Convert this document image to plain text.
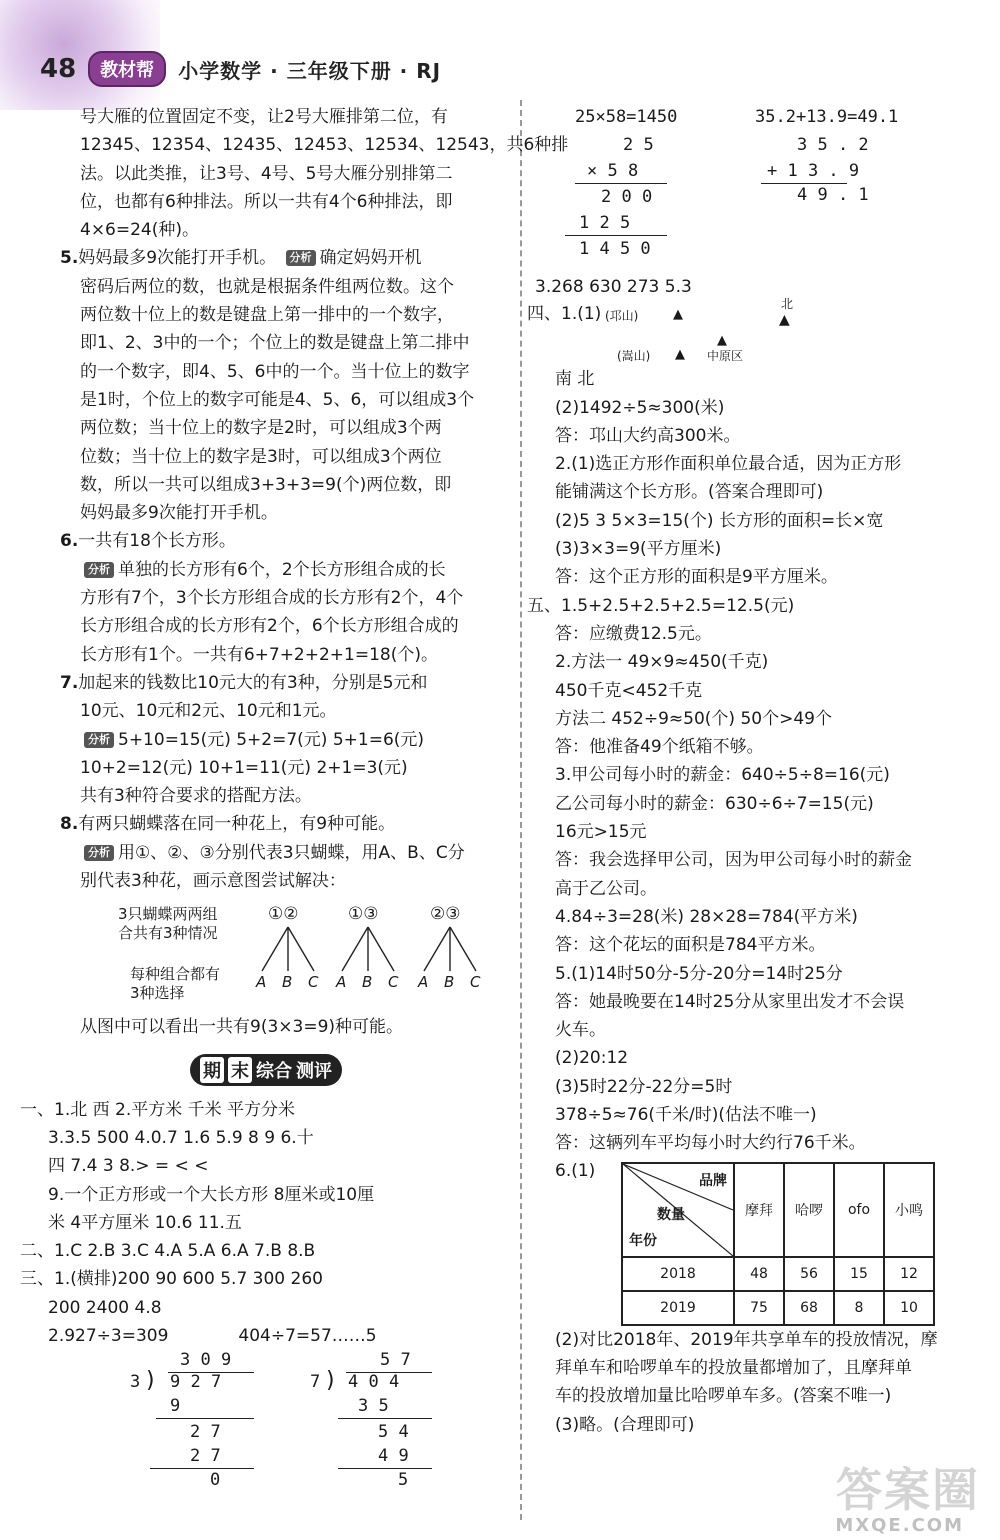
48	教材帮	小学数学 · 三年级下册 · RJ
号大雁的位置固定不变，让2号大雁排第二位，有
12345、12354、12435、12453、12534、12543，共6种排
法。以此类推，让3号、4号、5号大雁分别排第二
位，也都有6种排法。所以一共有4个6种排法，即
4×6=24(种)。
5.妈妈最多9次能打开手机。 分析 确定妈妈开机
密码后两位的数，也就是根据条件组两位数。这个
两位数十位上的数是键盘上第一排中的一个数字，
即1、2、3中的一个；个位上的数是键盘上第二排中
的一个数字，即4、5、6中的一个。当十位上的数字
是1时，个位上的数字可能是4、5、6，可以组成3个
两位数；当十位上的数字是2时，可以组成3个两
位数；当十位上的数字是3时，可以组成3个两位
数，所以一共可以组成3+3+3=9(个)两位数，即
妈妈最多9次能打开手机。
6.一共有18个长方形。
分析 单独的长方形有6个，2个长方形组合成的长
方形有7个，3个长方形组合成的长方形有2个，4个
长方形组合成的长方形有2个，6个长方形组合成的
长方形有1个。一共有6+7+2+2+1=18(个)。
7.加起来的钱数比10元大的有3种，分别是5元和
10元、10元和2元、10元和1元。
分析 5+10=15(元) 5+2=7(元) 5+1=6(元)
10+2=12(元) 10+1=11(元) 2+1=3(元)
共有3种符合要求的搭配方法。
8.有两只蝴蝶落在同一种花上，有9种可能。
分析 用①、②、③分别代表3只蝴蝶，用A、B、C分
别代表3种花，画示意图尝试解决：
3只蝴蝶两两组
合共有3种情况
每种组合都有
3种选择
①②	①③	②③
A B C A B C A B C
从图中可以看出一共有9(3×3=9)种可能。
期 末 综合 测评
一、1.北 西 2.平方米 千米 平方分米
3.3.5 500 4.0.7 1.6 5.9 8 9 6.十
四 7.4 3 8.> = < <
9.一个正方形或一个大长方形 8厘米或10厘
米 4平方厘米 10.6 11.五
二、1.C 2.B 3.C 4.A 5.A 6.A 7.B 8.B
三、1.(横排)200 90 600 5.7 300 260
200 2400 4.8
2.927÷3=309	404÷7=57……5
3 0 9
3 ) 9 2 7
9
2 7
2 7
0
5 7
7 ) 4 0 4
3 5
5 4
4 9
5
25×58=1450	35.2+13.9=49.1
2 5
× 5 8
2 0 0
1 2 5
1 4 5 0
3 5 . 2
+ 1 3 . 9
4 9 . 1
3.268 630 273 5.3
四、1.(1) (邛山)	▲
北
▲
(嵩山) ▲ 中原区
▲
南 北
(2)1492÷5≈300(米)
答：邛山大约高300米。
2.(1)选正方形作面积单位最合适，因为正方形
能铺满这个长方形。(答案合理即可)
(2)5 3 5×3=15(个) 长方形的面积=长×宽
(3)3×3=9(平方厘米)
答：这个正方形的面积是9平方厘米。
五、1.5+2.5+2.5+2.5=12.5(元)
答：应缴费12.5元。
2.方法一 49×9≈450(千克)
450千克<452千克
方法二 452÷9≈50(个) 50个>49个
答：他准备49个纸箱不够。
3.甲公司每小时的薪金：640÷5÷8=16(元)
乙公司每小时的薪金：630÷6÷7=15(元)
16元>15元
答：我会选择甲公司，因为甲公司每小时的薪金
高于乙公司。
4.84÷3=28(米) 28×28=784(平方米)
答：这个花坛的面积是784平方米。
5.(1)14时50分-5分-20分=14时25分
答：她最晚要在14时25分从家里出发才不会误
火车。
(2)20:12
(3)5时22分-22分=5时
378÷5≈76(千米/时)(估法不唯一)
答：这辆列车平均每小时大约行76千米。
6.(1)	品牌
数量
年份	摩拜	哈啰	ofo	小鸣
2018	48	56	15	12
2019	75	68	8	10
(2)对比2018年、2019年共享单车的投放情况，摩
拜单车和哈啰单车的投放量都增加了，且摩拜单
车的投放增加量比哈啰单车多。(答案不唯一)
(3)略。(合理即可)
答案圈
MXQE.COM
